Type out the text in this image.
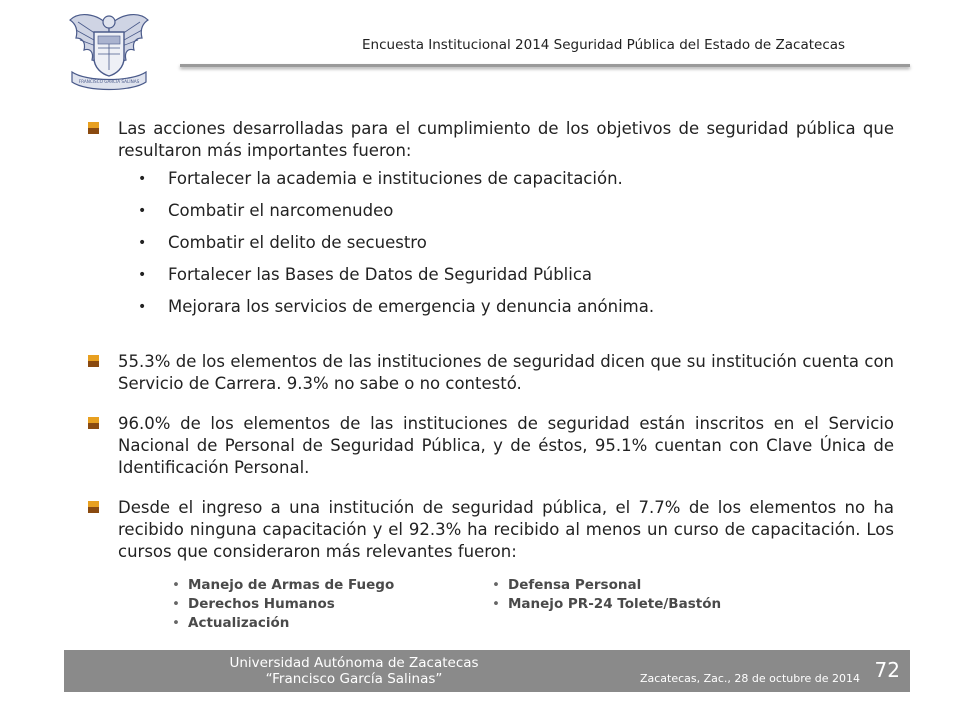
FRANCISCO GARCÍA SALINAS
Encuesta Institucional 2014 Seguridad Pública del Estado de Zacatecas
Las acciones desarrolladas para el cumplimiento de los objetivos de seguridad pública que resultaron más importantes fueron:
• Fortalecer la academia e instituciones de capacitación.
• Combatir el narcomenudeo
• Combatir el delito de secuestro
• Fortalecer las Bases de Datos de Seguridad Pública
• Mejorara los servicios de emergencia y denuncia anónima.
55.3% de los elementos de las instituciones de seguridad dicen que su institución cuenta con Servicio de Carrera. 9.3% no sabe o no contestó.
96.0% de los elementos de las instituciones de seguridad están inscritos en el Servicio Nacional de Personal de Seguridad Pública, y de éstos, 95.1% cuentan con Clave Única de Identificación Personal.
Desde el ingreso a una institución de seguridad pública, el 7.7% de los elementos no ha recibido ninguna capacitación y el 92.3% ha recibido al menos un curso de capacitación. Los cursos que consideraron más relevantes fueron:
• Manejo de Armas de Fuego
• Derechos Humanos
• Actualización
• Defensa Personal
• Manejo PR-24 Tolete/Bastón
Universidad Autónoma de Zacatecas
“Francisco García Salinas”	Zacatecas, Zac., 28 de octubre de 2014 72
